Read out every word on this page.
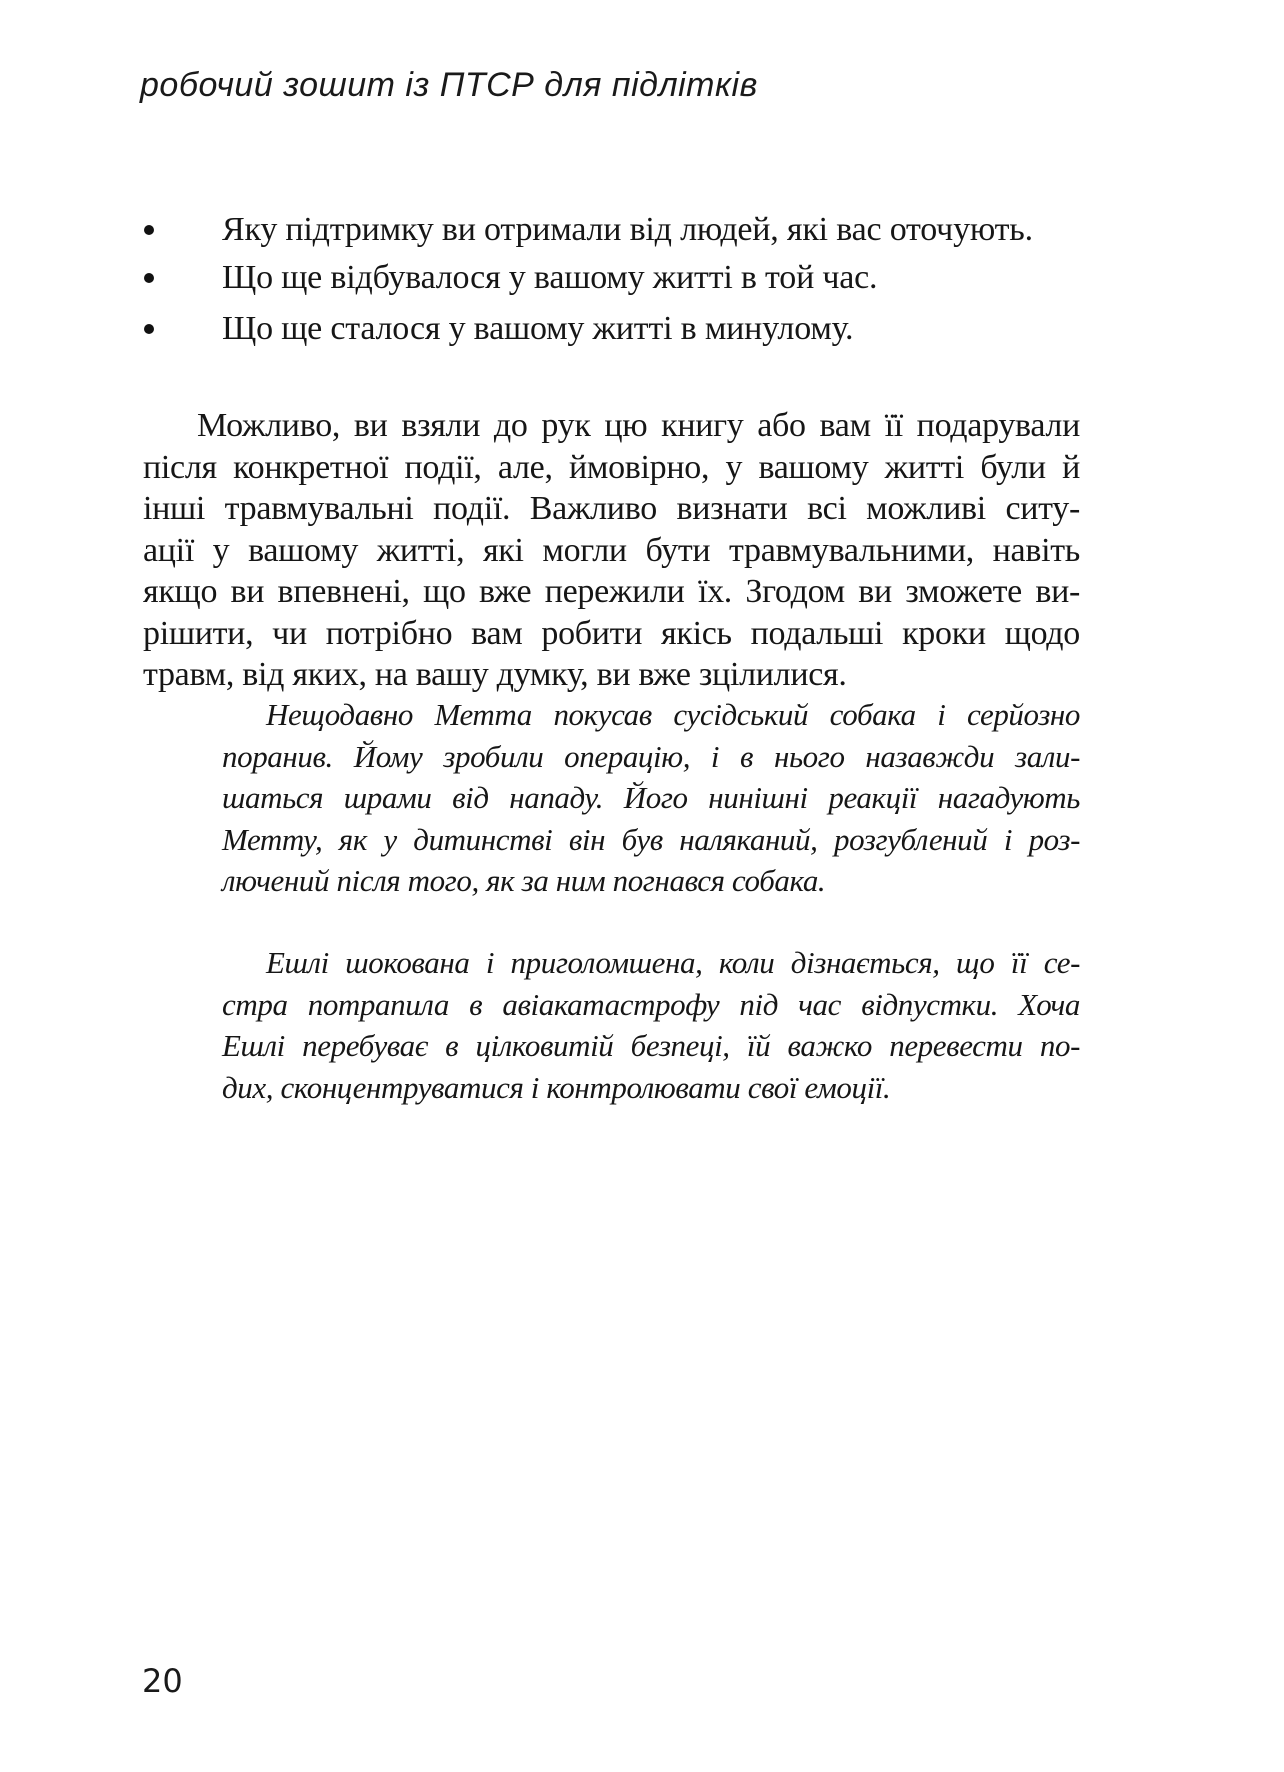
робочий зошит із ПТСР для підлітків
Яку підтримку ви отримали від людей, які вас оточують.
Що ще відбувалося у вашому житті в той час.
Що ще сталося у вашому житті в минулому.

Можливо, ви взяли до рук цю книгу або вам її подарували
після конкретної події, але, ймовірно, у вашому житті були й
інші травмувальні події. Важливо визнати всі можливі ситу-
ації у вашому житті, які могли бути травмувальними, навіть
якщо ви впевнені, що вже пережили їх. Згодом ви зможете ви-
рішити, чи потрібно вам робити якісь подальші кроки щодо
травм, від яких, на вашу думку, ви вже зцілилися.

Нещодавно Метта покусав сусідський собака і серйозно
поранив. Йому зробили операцію, і в нього назавжди зали-
шаться шрами від нападу. Його нинішні реакції нагадують
Метту, як у дитинстві він був наляканий, розгублений і роз-
лючений після того, як за ним погнався собака.

Ешлі шокована і приголомшена, коли дізнається, що її се-
стра потрапила в авіакатастрофу під час відпустки. Хоча
Ешлі перебуває в цілковитій безпеці, їй важко перевести по-
дих, сконцентруватися і контролювати свої емоції.

20
